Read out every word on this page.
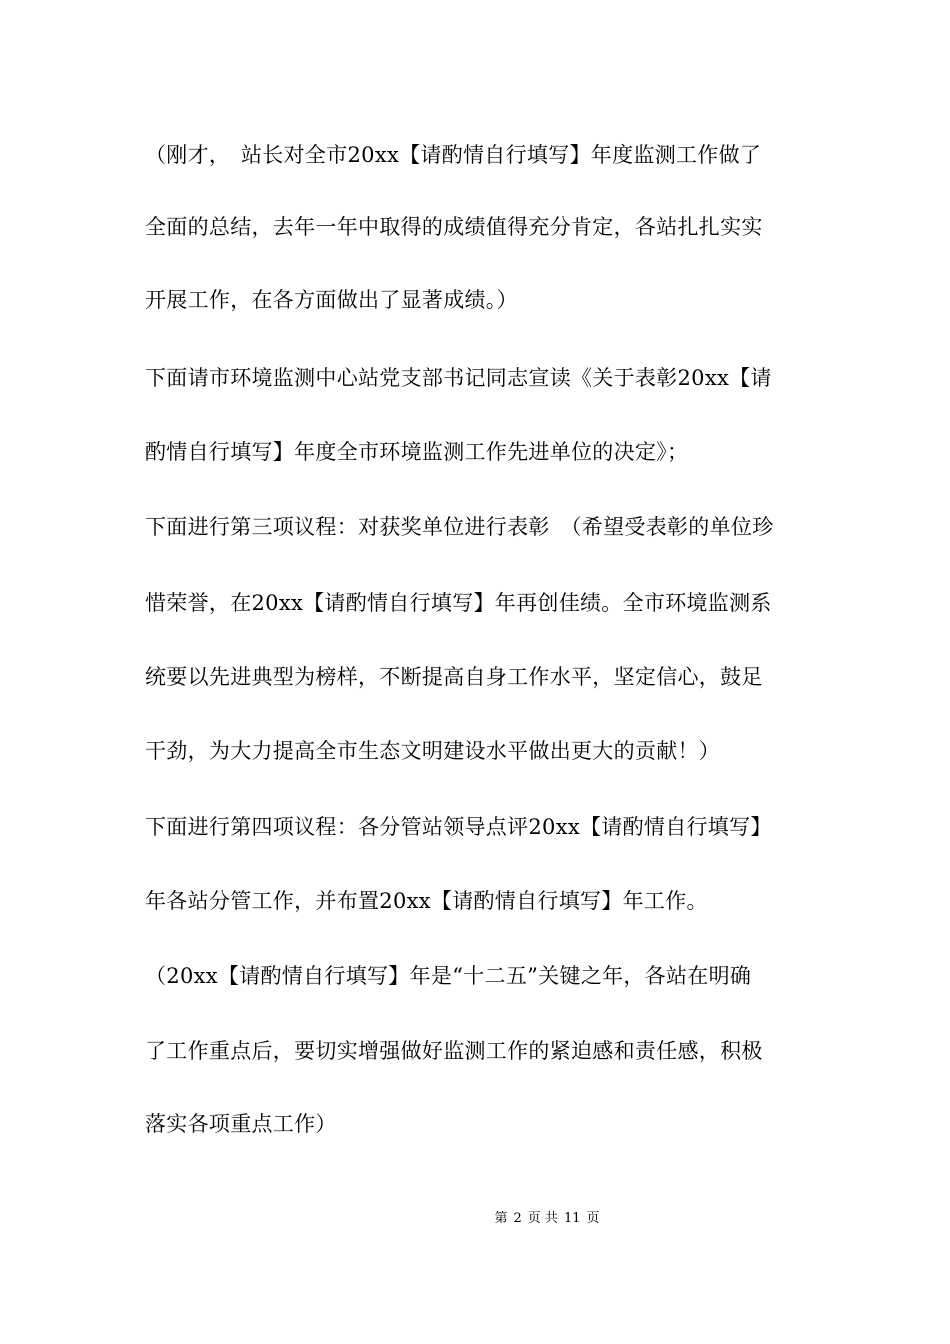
（刚才，　站长对全市20xx【请酌情自行填写】年度监测工作做了
全面的总结，去年一年中取得的成绩值得充分肯定，各站扎扎实实
开展工作，在各方面做出了显著成绩。）
下面请市环境监测中心站党支部书记同志宣读《关于表彰20xx【请
酌情自行填写】年度全市环境监测工作先进单位的决定》；
下面进行第三项议程：对获奖单位进行表彰　（希望受表彰的单位珍
惜荣誉，在20xx【请酌情自行填写】年再创佳绩。全市环境监测系
统要以先进典型为榜样，不断提高自身工作水平，坚定信心，鼓足
干劲，为大力提高全市生态文明建设水平做出更大的贡献！）
下面进行第四项议程：各分管站领导点评20xx【请酌情自行填写】
年各站分管工作，并布置20xx【请酌情自行填写】年工作。
（20xx【请酌情自行填写】年是“十二五”关键之年，各站在明确
了工作重点后，要切实增强做好监测工作的紧迫感和责任感，积极
落实各项重点工作）
第 2 页 共 11 页
